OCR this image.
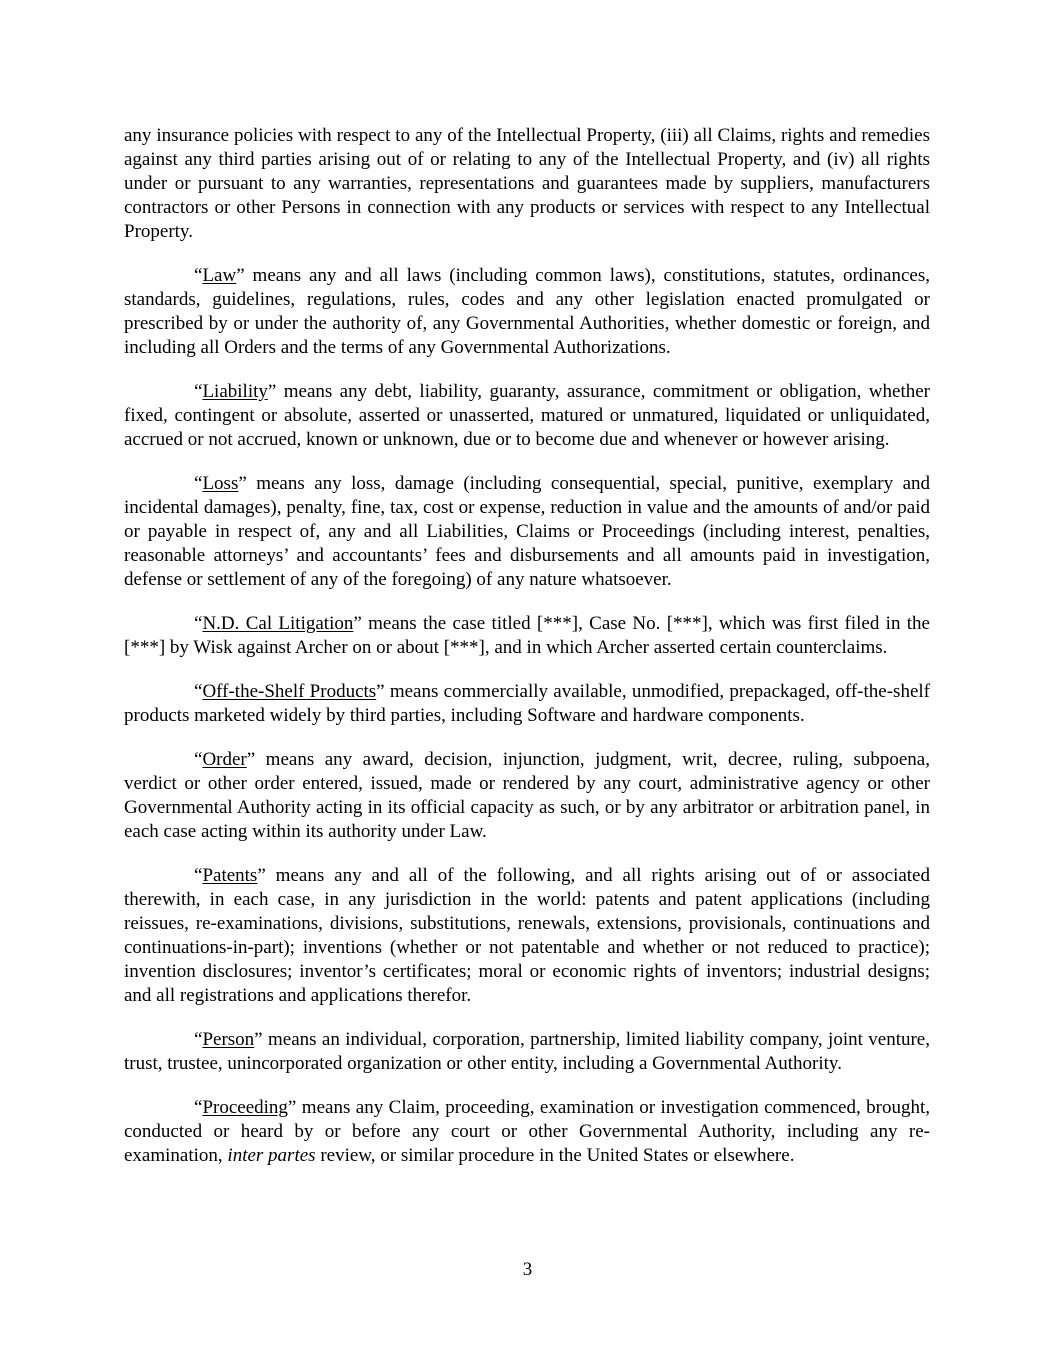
any insurance policies with respect to any of the Intellectual Property, (iii) all Claims, rights and remedies against any third parties arising out of or relating to any of the Intellectual Property, and (iv) all rights under or pursuant to any warranties, representations and guarantees made by suppliers, manufacturers contractors or other Persons in connection with any products or services with respect to any Intellectual Property.

“Law” means any and all laws (including common laws), constitutions, statutes, ordinances, standards, guidelines, regulations, rules, codes and any other legislation enacted promulgated or prescribed by or under the authority of, any Governmental Authorities, whether domestic or foreign, and including all Orders and the terms of any Governmental Authorizations.

“Liability” means any debt, liability, guaranty, assurance, commitment or obligation, whether fixed, contingent or absolute, asserted or unasserted, matured or unmatured, liquidated or unliquidated, accrued or not accrued, known or unknown, due or to become due and whenever or however arising.

“Loss” means any loss, damage (including consequential, special, punitive, exemplary and incidental damages), penalty, fine, tax, cost or expense, reduction in value and the amounts of and/or paid or payable in respect of, any and all Liabilities, Claims or Proceedings (including interest, penalties, reasonable attorneys’ and accountants’ fees and disbursements and all amounts paid in investigation, defense or settlement of any of the foregoing) of any nature whatsoever.

“N.D. Cal Litigation” means the case titled [***], Case No. [***], which was first filed in the [***] by Wisk against Archer on or about [***], and in which Archer asserted certain counterclaims.

“Off-the-Shelf Products” means commercially available, unmodified, prepackaged, off-the-shelf products marketed widely by third parties, including Software and hardware components.

“Order” means any award, decision, injunction, judgment, writ, decree, ruling, subpoena, verdict or other order entered, issued, made or rendered by any court, administrative agency or other Governmental Authority acting in its official capacity as such, or by any arbitrator or arbitration panel, in each case acting within its authority under Law.

“Patents” means any and all of the following, and all rights arising out of or associated therewith, in each case, in any jurisdiction in the world: patents and patent applications (including reissues, re-examinations, divisions, substitutions, renewals, extensions, provisionals, continuations and continuations-in-part); inventions (whether or not patentable and whether or not reduced to practice); invention disclosures; inventor’s certificates; moral or economic rights of inventors; industrial designs; and all registrations and applications therefor.

“Person” means an individual, corporation, partnership, limited liability company, joint venture, trust, trustee, unincorporated organization or other entity, including a Governmental Authority.

“Proceeding” means any Claim, proceeding, examination or investigation commenced, brought, conducted or heard by or before any court or other Governmental Authority, including any re-examination, inter partes review, or similar procedure in the United States or elsewhere.

3
